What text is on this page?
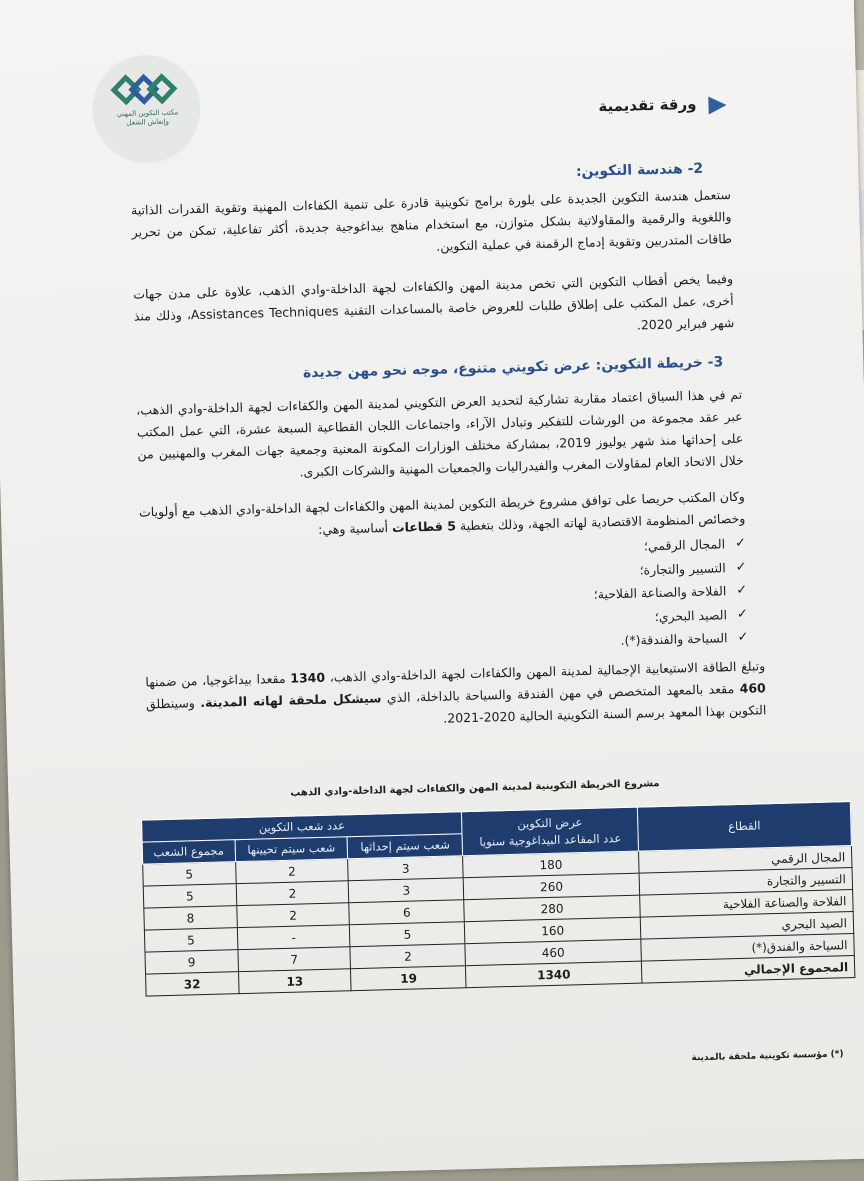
مكتب التكوين المهني
وإنعاش الشغل
ورقة تقديمية
2- هندسة التكوين:
ستعمل هندسة التكوين الجديدة على بلورة برامج تكوينية قادرة على تنمية الكفاءات المهنية وتقوية القدرات الذاتية واللغوية والرقمية والمقاولاتية بشكل متوازن، مع استخدام مناهج بيداغوجية جديدة، أكثر تفاعلية، تمكن من تحرير طاقات المتدربين وتقوية إدماج الرقمنة في عملية التكوين.
وفيما يخص أقطاب التكوين التي تخص مدينة المهن والكفاءات لجهة الداخلة-وادي الذهب، علاوة على مدن جهات أخرى، عمل المكتب على إطلاق طلبات للعروض خاصة بالمساعدات التقنية Assistances Techniques، وذلك منذ شهر فبراير 2020.
3- خريطة التكوين: عرض تكويني متنوع، موجه نحو مهن جديدة
تم في هذا السياق اعتماد مقاربة تشاركية لتحديد العرض التكويني لمدينة المهن والكفاءات لجهة الداخلة-وادي الذهب، عبر عقد مجموعة من الورشات للتفكير وتبادل الآراء، واجتماعات اللجان القطاعية السبعة عشرة، التي عمل المكتب على إحداثها منذ شهر يوليوز 2019، بمشاركة مختلف الوزارات المكونة المعنية وجمعية جهات المغرب والمهنيين من خلال الاتحاد العام لمقاولات المغرب والفيدراليات والجمعيات المهنية والشركات الكبرى.
وكان المكتب حريصا على توافق مشروع خريطة التكوين لمدينة المهن والكفاءات لجهة الداخلة-وادي الذهب مع أولويات وخصائص المنظومة الاقتصادية لهاته الجهة، وذلك بتغطية 5 قطاعات أساسية وهي:
✓
المجال الرقمي؛
✓
التسيير والتجارة؛
✓
الفلاحة والصناعة الفلاحية؛
✓
الصيد البحري؛
✓
السياحة والفندقة(*).
وتبلغ الطاقة الاستيعابية الإجمالية لمدينة المهن والكفاءات لجهة الداخلة-وادي الذهب، 1340 مقعدا بيداغوجيا، من ضمنها	460 مقعد بالمعهد المتخصص في مهن الفندقة والسياحة بالداخلة، الذي سيشكل ملحقة لهاته المدينة. وسينطلق التكوين بهذا المعهد برسم السنة التكوينية الحالية 2020-2021.
مشروع الخريطة التكوينية لمدينة المهن والكفاءات لجهة الداخلة-وادي الذهب
القطاع	عرض التكوين
عدد المقاعد البيداغوجية سنويا	عدد شعب التكوين		
		شعب سيتم إحداثها	شعب سيتم تحيينها	مجموع الشعب
المجال الرقمي	180	3	2	5
التسيير والتجارة	260	3	2	5
الفلاحة والصناعة الفلاحية	280	6	2	8
الصيد البحري	160	5	-	5
السياحة والفندق(*)	460	2	7	9
المجموع الإجمالي	1340	19	13	32
(*) مؤسسة تكوينية ملحقة بالمدينة
